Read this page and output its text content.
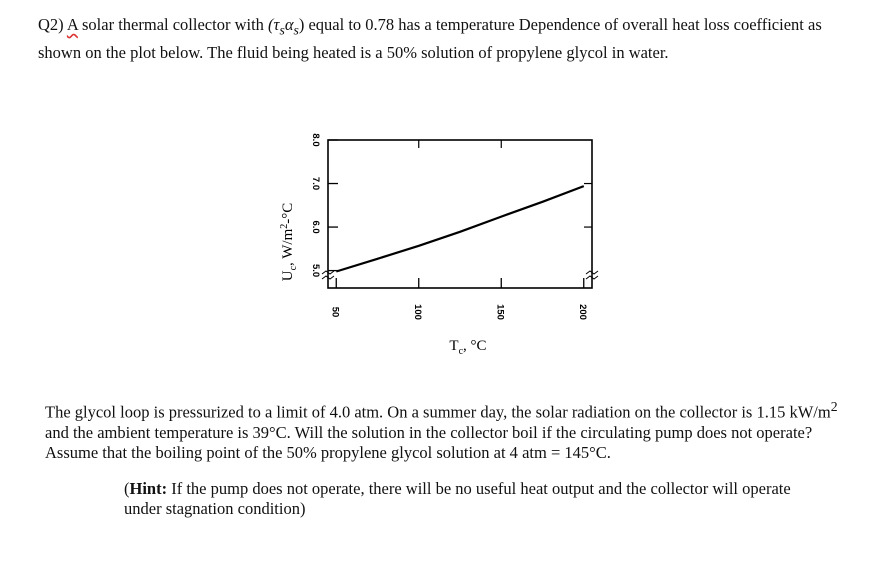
Q2) A solar thermal collector with $(\tau_s\alpha_s)$ equal to 0.78 has a temperature Dependence of overall heat loss coefficient as shown on the plot below. The fluid being heated is a 50% solution of propylene glycol in water.
5.0
6.0
7.0
8.0
50	100	150	200
$T_c$, °C
$U_c$, $W/m^2-^\circ C$
The glycol loop is pressurized to a limit of 4.0 atm. On a summer day, the solar radiation on the collector is 1.15 $kW/m^2$ and the ambient temperature is 39°C. Will the solution in the collector boil if the circulating pump does not operate? Assume that the boiling point of the 50% propylene glycol solution at 4 atm = 145°C.
(Hint: If the pump does not operate, there will be no useful heat output and the collector will operate under stagnation condition)
